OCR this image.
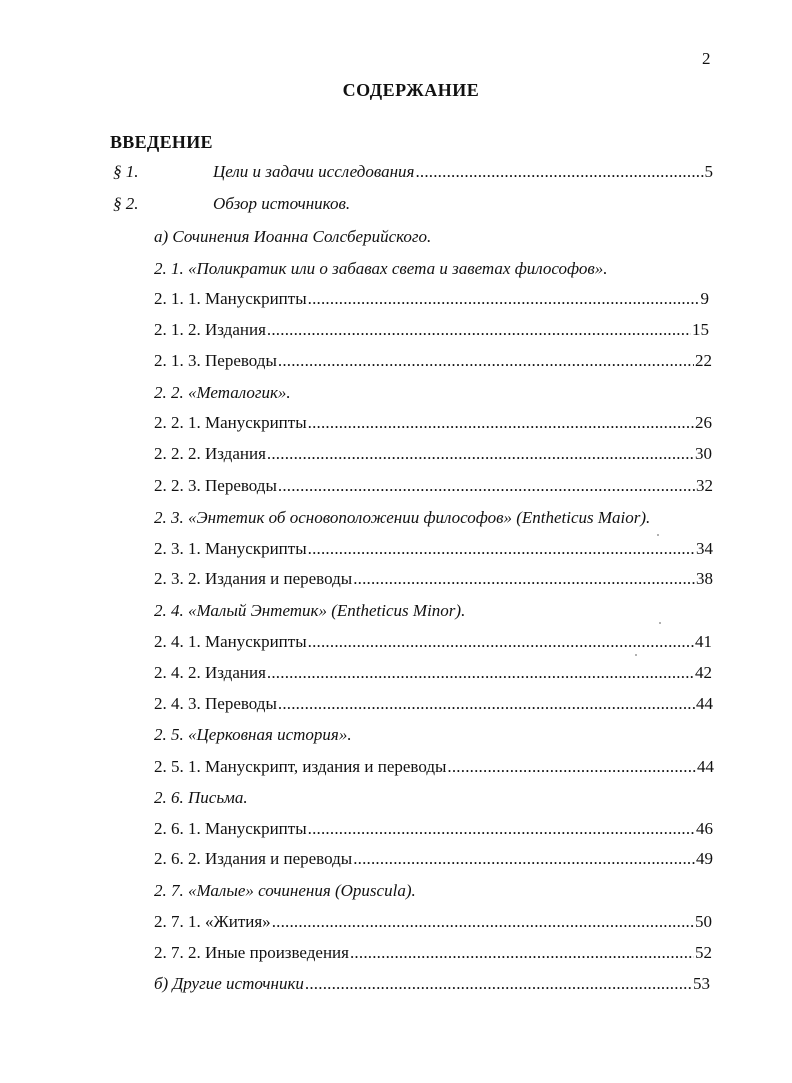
2
СОДЕРЖАНИЕ
ВВЕДЕНИЕ
§ 1.	Цели и задачи исследования .....	5
§ 2.	Обзор источников.
а) Сочинения Иоанна Солсберийского.
2. 1. «Поликратик или о забавах света и заветах философов».
2. 1. 1. Манускрипты .....	9
2. 1. 2. Издания .....	15
2. 1. 3. Переводы .....	22
2. 2. «Металогик».
2. 2. 1. Манускрипты .....	26
2. 2. 2. Издания .....	30
2. 2. 3. Переводы .....	32
2. 3. «Энтетик об основоположении философов» (Entheticus Maior).
2. 3. 1. Манускрипты .....	34
2. 3. 2. Издания и переводы .....	38
2. 4. «Малый Энтетик» (Entheticus Minor).
2. 4. 1. Манускрипты .....	41
2. 4. 2. Издания .....	42
2. 4. 3. Переводы .....	44
2. 5. «Церковная история».
2. 5. 1. Манускрипт, издания и переводы .....	44
2. 6. Письма.
2. 6. 1. Манускрипты .....	46
2. 6. 2. Издания и переводы .....	49
2. 7. «Малые» сочинения (Opuscula).
2. 7. 1. «Жития» .....	50
2. 7. 2. Иные произведения .....	52
б) Другие источники .....	53
